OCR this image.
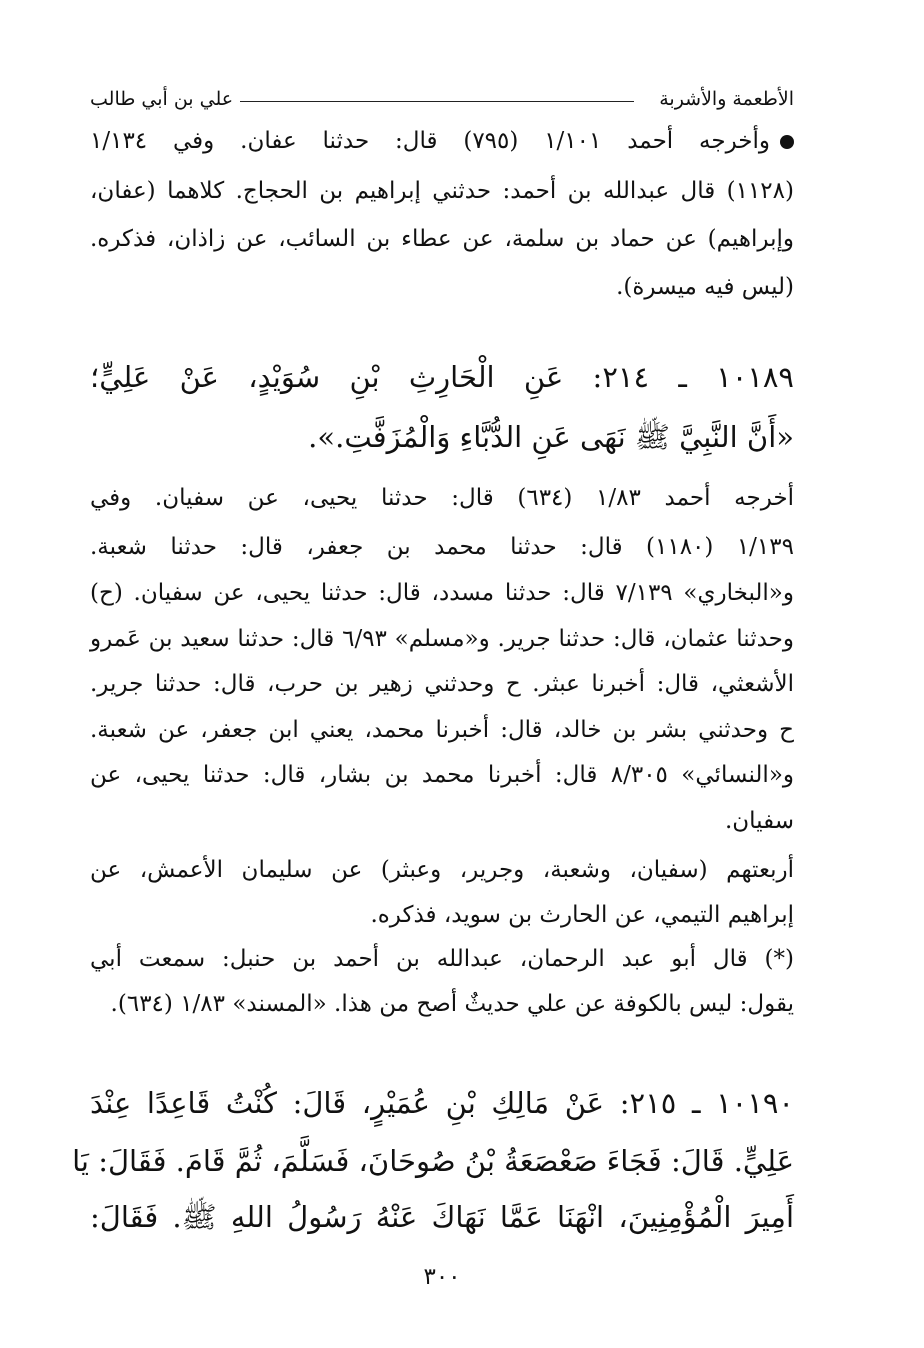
الأطعمة والأشربة
علي بن أبي طالب
وأخرجه أحمد ١/١٠١ (٧٩٥) قال: حدثنا عفان. وفي ١/١٣٤
(١١٢٨) قال عبدالله بن أحمد: حدثني إبراهيم بن الحجاج. كلاهما (عفان،
وإبراهيم) عن حماد بن سلمة، عن عطاء بن السائب، عن زاذان، فذكره.
(ليس فيه ميسرة).
١٠١٨٩ ـ ٢١٤: عَنِ الْحَارِثِ بْنِ سُوَيْدٍ، عَنْ عَلِيٍّ؛
«أَنَّ النَّبِيَّ ﷺ نَهَى عَنِ الدُّبَّاءِ وَالْمُزَفَّتِ.».
أخرجه أحمد ١/٨٣ (٦٣٤) قال: حدثنا يحيى، عن سفيان. وفي
١/١٣٩ (١١٨٠) قال: حدثنا محمد بن جعفر، قال: حدثنا شعبة.
و«البخاري» ٧/١٣٩ قال: حدثنا مسدد، قال: حدثنا يحيى، عن سفيان. (ح)
وحدثنا عثمان، قال: حدثنا جرير. و«مسلم» ٦/٩٣ قال: حدثنا سعيد بن عَمرو
الأشعثي، قال: أخبرنا عبثر. ح وحدثني زهير بن حرب، قال: حدثنا جرير.
ح وحدثني بشر بن خالد، قال: أخبرنا محمد، يعني ابن جعفر، عن شعبة.
و«النسائي» ٨/٣٠٥ قال: أخبرنا محمد بن بشار، قال: حدثنا يحيى، عن
سفيان.
أربعتهم (سفيان، وشعبة، وجرير، وعبثر) عن سليمان الأعمش، عن
إبراهيم التيمي، عن الحارث بن سويد، فذكره.
(*) قال أبو عبد الرحمان، عبدالله بن أحمد بن حنبل: سمعت أبي
يقول: ليس بالكوفة عن علي حديثٌ أصح من هذا. «المسند» ١/٨٣ (٦٣٤).
١٠١٩٠ ـ ٢١٥: عَنْ مَالِكِ بْنِ عُمَيْرٍ، قَالَ: كُنْتُ قَاعِدًا عِنْدَ
عَلِيٍّ. قَالَ: فَجَاءَ صَعْصَعَةُ بْنُ صُوحَانَ، فَسَلَّمَ، ثُمَّ قَامَ. فَقَالَ: يَا
أَمِيرَ الْمُؤْمِنِينَ، انْهَنَا عَمَّا نَهَاكَ عَنْهُ رَسُولُ اللهِ ﷺ. فَقَالَ:
٣٠٠
